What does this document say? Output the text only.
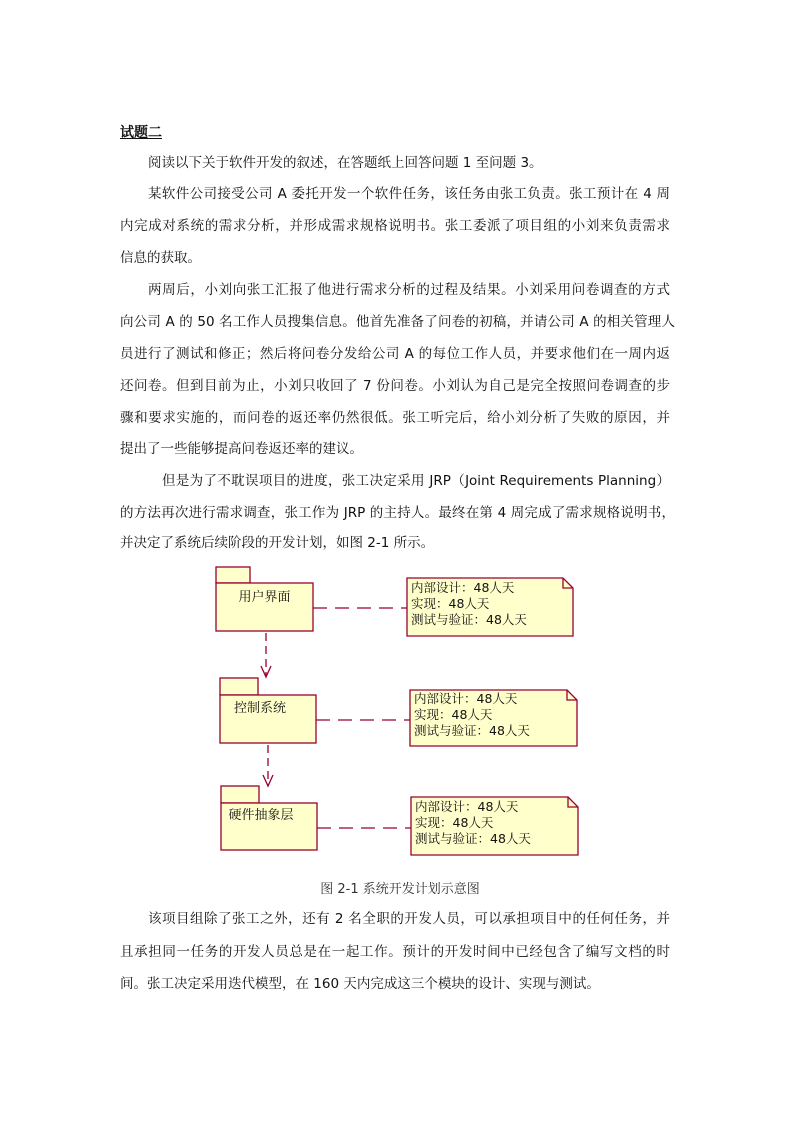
试题二
阅读以下关于软件开发的叙述，在答题纸上回答问题 1 至问题 3。
某软件公司接受公司 A 委托开发一个软件任务，该任务由张工负责。张工预计在 4 周
内完成对系统的需求分析，并形成需求规格说明书。张工委派了项目组的小刘来负责需求
信息的获取。
两周后，小刘向张工汇报了他进行需求分析的过程及结果。小刘采用问卷调查的方式
向公司 A 的 50 名工作人员搜集信息。他首先准备了问卷的初稿，并请公司 A 的相关管理人
员进行了测试和修正；然后将问卷分发给公司 A 的每位工作人员，并要求他们在一周内返
还问卷。但到目前为止，小刘只收回了 7 份问卷。小刘认为自己是完全按照问卷调查的步
骤和要求实施的，而问卷的返还率仍然很低。张工听完后，给小刘分析了失败的原因，并
提出了一些能够提高问卷返还率的建议。
但是为了不耽误项目的进度，张工决定采用 JRP（Joint Requirements Planning）
的方法再次进行需求调查，张工作为 JRP 的主持人。最终在第 4 周完成了需求规格说明书，
并决定了系统后续阶段的开发计划，如图 2-1 所示。
用户界面
控制系统
硬件抽象层
内部设计：48人天
实现：48人天
测试与验证：48人天
内部设计：48人天
实现：48人天
测试与验证：48人天
内部设计：48人天
实现：48人天
测试与验证：48人天
图 2-1 系统开发计划示意图
该项目组除了张工之外，还有 2 名全职的开发人员，可以承担项目中的任何任务，并
且承担同一任务的开发人员总是在一起工作。预计的开发时间中已经包含了编写文档的时
间。张工决定采用迭代模型，在 160 天内完成这三个模块的设计、实现与测试。
